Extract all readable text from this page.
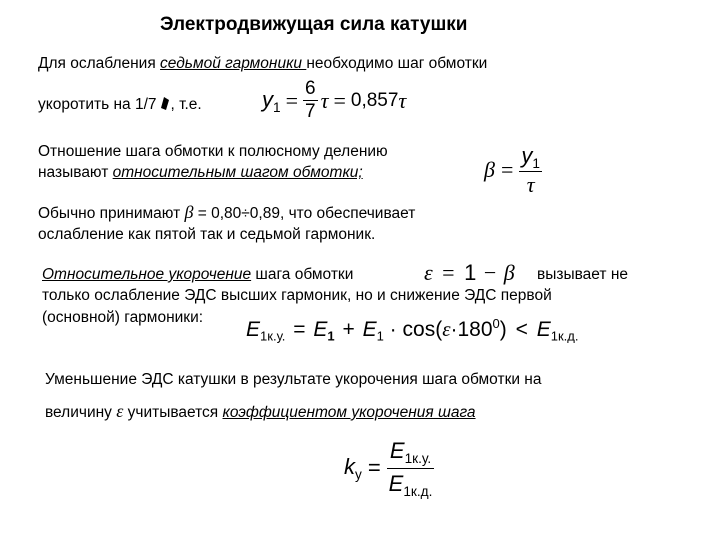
Электродвижущая сила катушки
Для ослабления седьмой гармоники необходимо шаг обмотки
укоротить на 1/7 , т.е.	$y_1 = \frac{6}{7}$ τ = 0,857 τ
Отношение шага обмотки к полюсному делению
называют относительным шагом обмотки;	$\beta = \frac{y_1}{\tau}$
Обычно принимают β = 0,80÷0,89, что обеспечивает
ослабление как пятой так и седьмой гармоник.
Относительное укорочение шага обмотки	ε = 1 − β вызывает не
только ослабление ЭДС высших гармоник, но и снижение ЭДС первой
(основной) гармоники:
$E_{1к.у.} = E_1 + E_1 \cdot \cos(\varepsilon\cdot 180^0) < E_{1к.д.}$
Уменьшение ЭДС катушки в результате укорочения шага обмотки на
величину ε учитывается коэффициентом укорочения шага
$k_у = \frac{E_{1к.у.}}{E_{1к.д.}}$
